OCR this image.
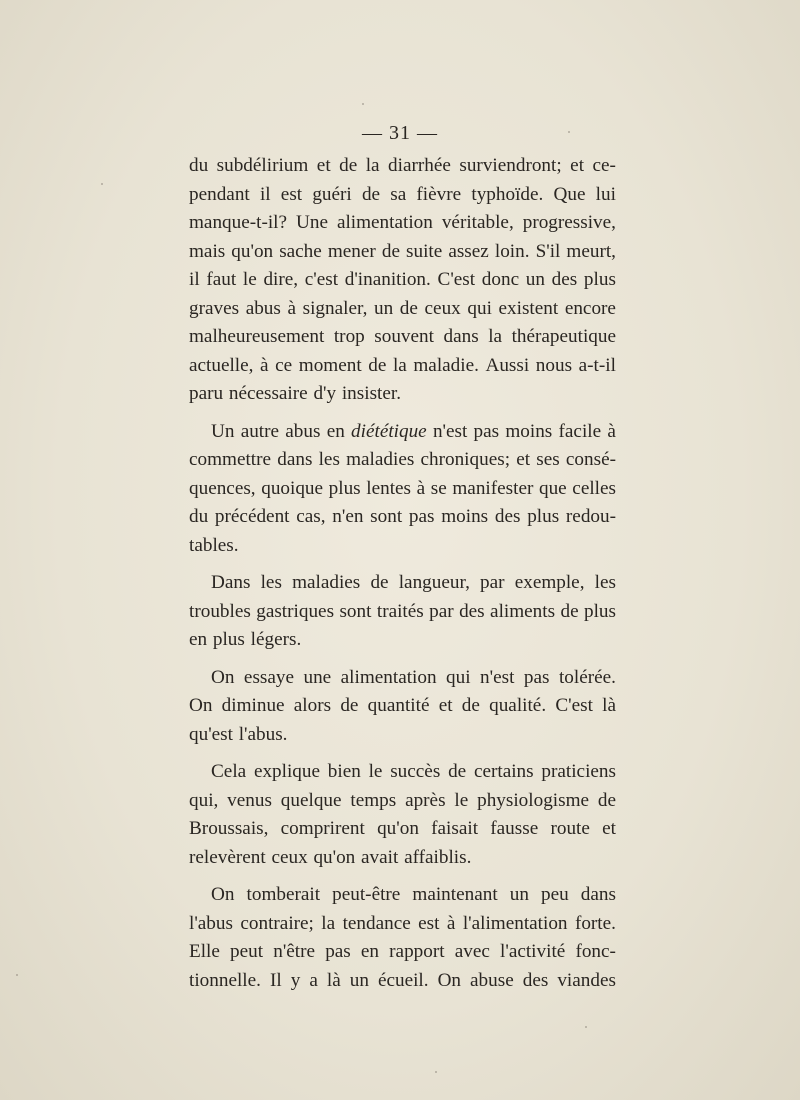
— 31 —
du subdélirium et de la diarrhée surviendront; et ce-
pendant il est guéri de sa fièvre typhoïde. Que lui
manque-t-il? Une alimentation véritable, progressive,
mais qu'on sache mener de suite assez loin. S'il meurt,
il faut le dire, c'est d'inanition. C'est donc un des plus
graves abus à signaler, un de ceux qui existent encore
malheureusement trop souvent dans la thérapeutique
actuelle, à ce moment de la maladie. Aussi nous a-t-il
paru nécessaire d'y insister.
Un autre abus en diététique n'est pas moins facile à
commettre dans les maladies chroniques; et ses consé-
quences, quoique plus lentes à se manifester que celles
du précédent cas, n'en sont pas moins des plus redou-
tables.
Dans les maladies de langueur, par exemple, les
troubles gastriques sont traités par des aliments de plus
en plus légers.
On essaye une alimentation qui n'est pas tolérée.
On diminue alors de quantité et de qualité. C'est là
qu'est l'abus.
Cela explique bien le succès de certains praticiens
qui, venus quelque temps après le physiologisme de
Broussais, comprirent qu'on faisait fausse route et
relevèrent ceux qu'on avait affaiblis.
On tomberait peut-être maintenant un peu dans
l'abus contraire; la tendance est à l'alimentation forte.
Elle peut n'être pas en rapport avec l'activité fonc-
tionnelle. Il y a là un écueil. On abuse des viandes
